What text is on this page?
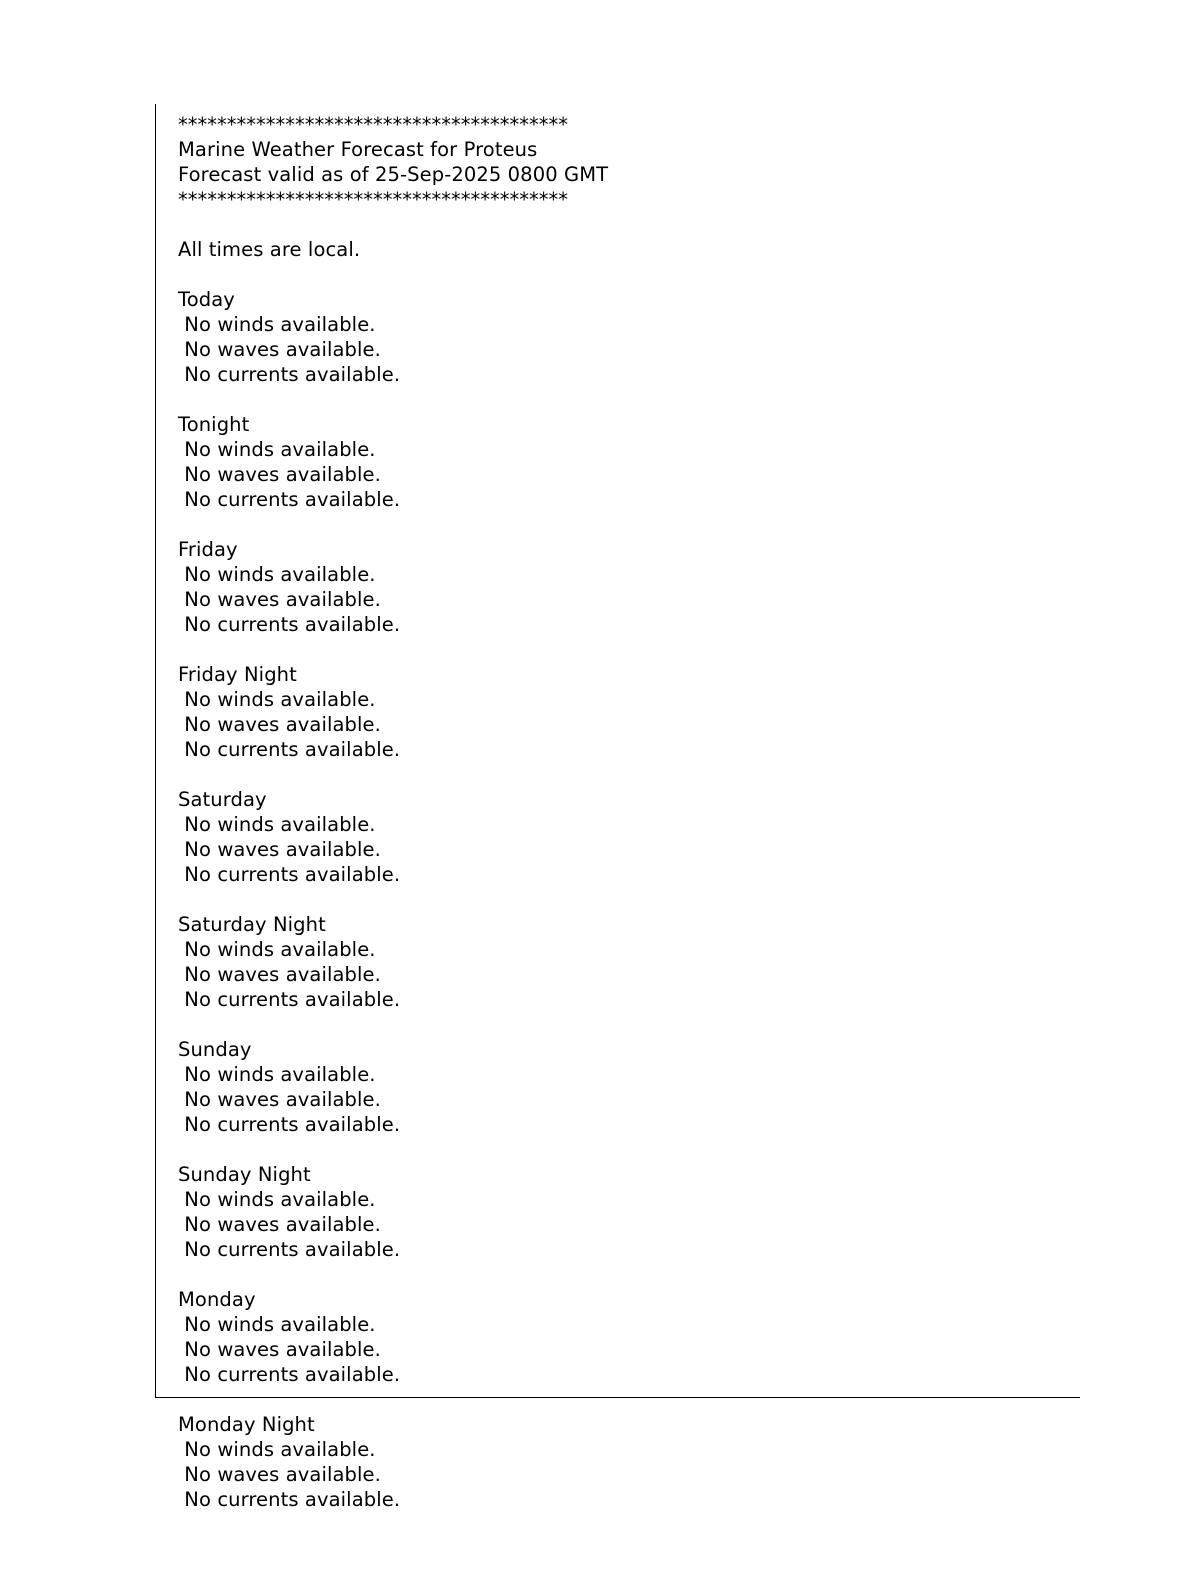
****************************************
Marine Weather Forecast for Proteus
Forecast valid as of 25-Sep-2025 0800 GMT
****************************************
All times are local.
Today
No winds available.
No waves available.
No currents available.
Tonight
No winds available.
No waves available.
No currents available.
Friday
No winds available.
No waves available.
No currents available.
Friday Night
No winds available.
No waves available.
No currents available.
Saturday
No winds available.
No waves available.
No currents available.
Saturday Night
No winds available.
No waves available.
No currents available.
Sunday
No winds available.
No waves available.
No currents available.
Sunday Night
No winds available.
No waves available.
No currents available.
Monday
No winds available.
No waves available.
No currents available.
Monday Night
No winds available.
No waves available.
No currents available.
